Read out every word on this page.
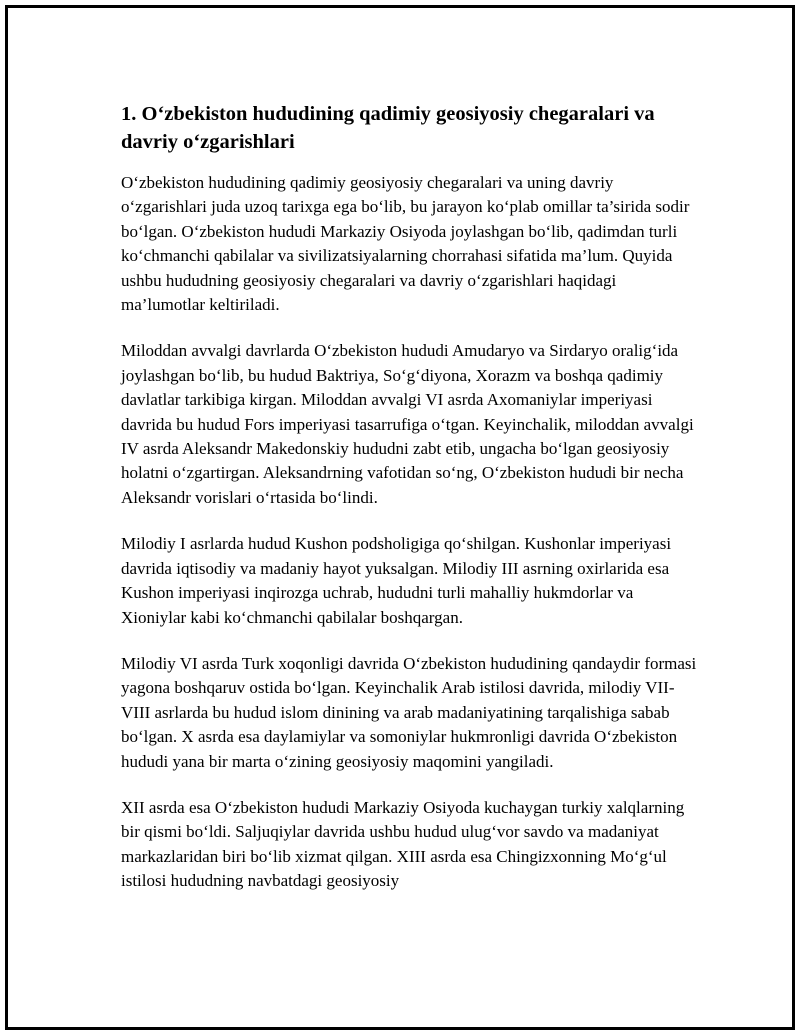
1. O‘zbekiston hududining qadimiy geosiyosiy chegaralari va davriy o‘zgarishlari

O‘zbekiston hududining qadimiy geosiyosiy chegaralari va uning davriy o‘zgarishlari juda uzoq tarixga ega bo‘lib, bu jarayon ko‘plab omillar ta’sirida sodir bo‘lgan. O‘zbekiston hududi Markaziy Osiyoda joylashgan bo‘lib, qadimdan turli ko‘chmanchi qabilalar va sivilizatsiyalarning chorrahasi sifatida ma’lum. Quyida ushbu hududning geosiyosiy chegaralari va davriy o‘zgarishlari haqidagi ma’lumotlar keltiriladi.

Miloddan avvalgi davrlarda O‘zbekiston hududi Amudaryo va Sirdaryo oralig‘ida joylashgan bo‘lib, bu hudud Baktriya, So‘g‘diyona, Xorazm va boshqa qadimiy davlatlar tarkibiga kirgan. Miloddan avvalgi VI asrda Axomaniylar imperiyasi davrida bu hudud Fors imperiyasi tasarrufiga o‘tgan. Keyinchalik, miloddan avvalgi IV asrda Aleksandr Makedonskiy hududni zabt etib, ungacha bo‘lgan geosiyosiy holatni o‘zgartirgan. Aleksandrning vafotidan so‘ng, O‘zbekiston hududi bir necha Aleksandr vorislari o‘rtasida bo‘lindi.

Milodiy I asrlarda hudud Kushon podsholigiga qo‘shilgan. Kushonlar imperiyasi davrida iqtisodiy va madaniy hayot yuksalgan. Milodiy III asrning oxirlarida esa Kushon imperiyasi inqirozga uchrab, hududni turli mahalliy hukmdorlar va Xioniylar kabi ko‘chmanchi qabilalar boshqargan.

Milodiy VI asrda Turk xoqonligi davrida O‘zbekiston hududining qandaydir formasi yagona boshqaruv ostida bo‘lgan. Keyinchalik Arab istilosi davrida, milodiy VII-VIII asrlarda bu hudud islom dinining va arab madaniyatining tarqalishiga sabab bo‘lgan. X asrda esa daylamiylar va somoniylar hukmronligi davrida O‘zbekiston hududi yana bir marta o‘zining geosiyosiy maqomini yangiladi.

XII asrda esa O‘zbekiston hududi Markaziy Osiyoda kuchaygan turkiy xalqlarning bir qismi bo‘ldi. Saljuqiylar davrida ushbu hudud ulug‘vor savdo va madaniyat markazlaridan biri bo‘lib xizmat qilgan. XIII asrda esa Chingizxonning Mo‘g‘ul istilosi hududning navbatdagi geosiyosiy
